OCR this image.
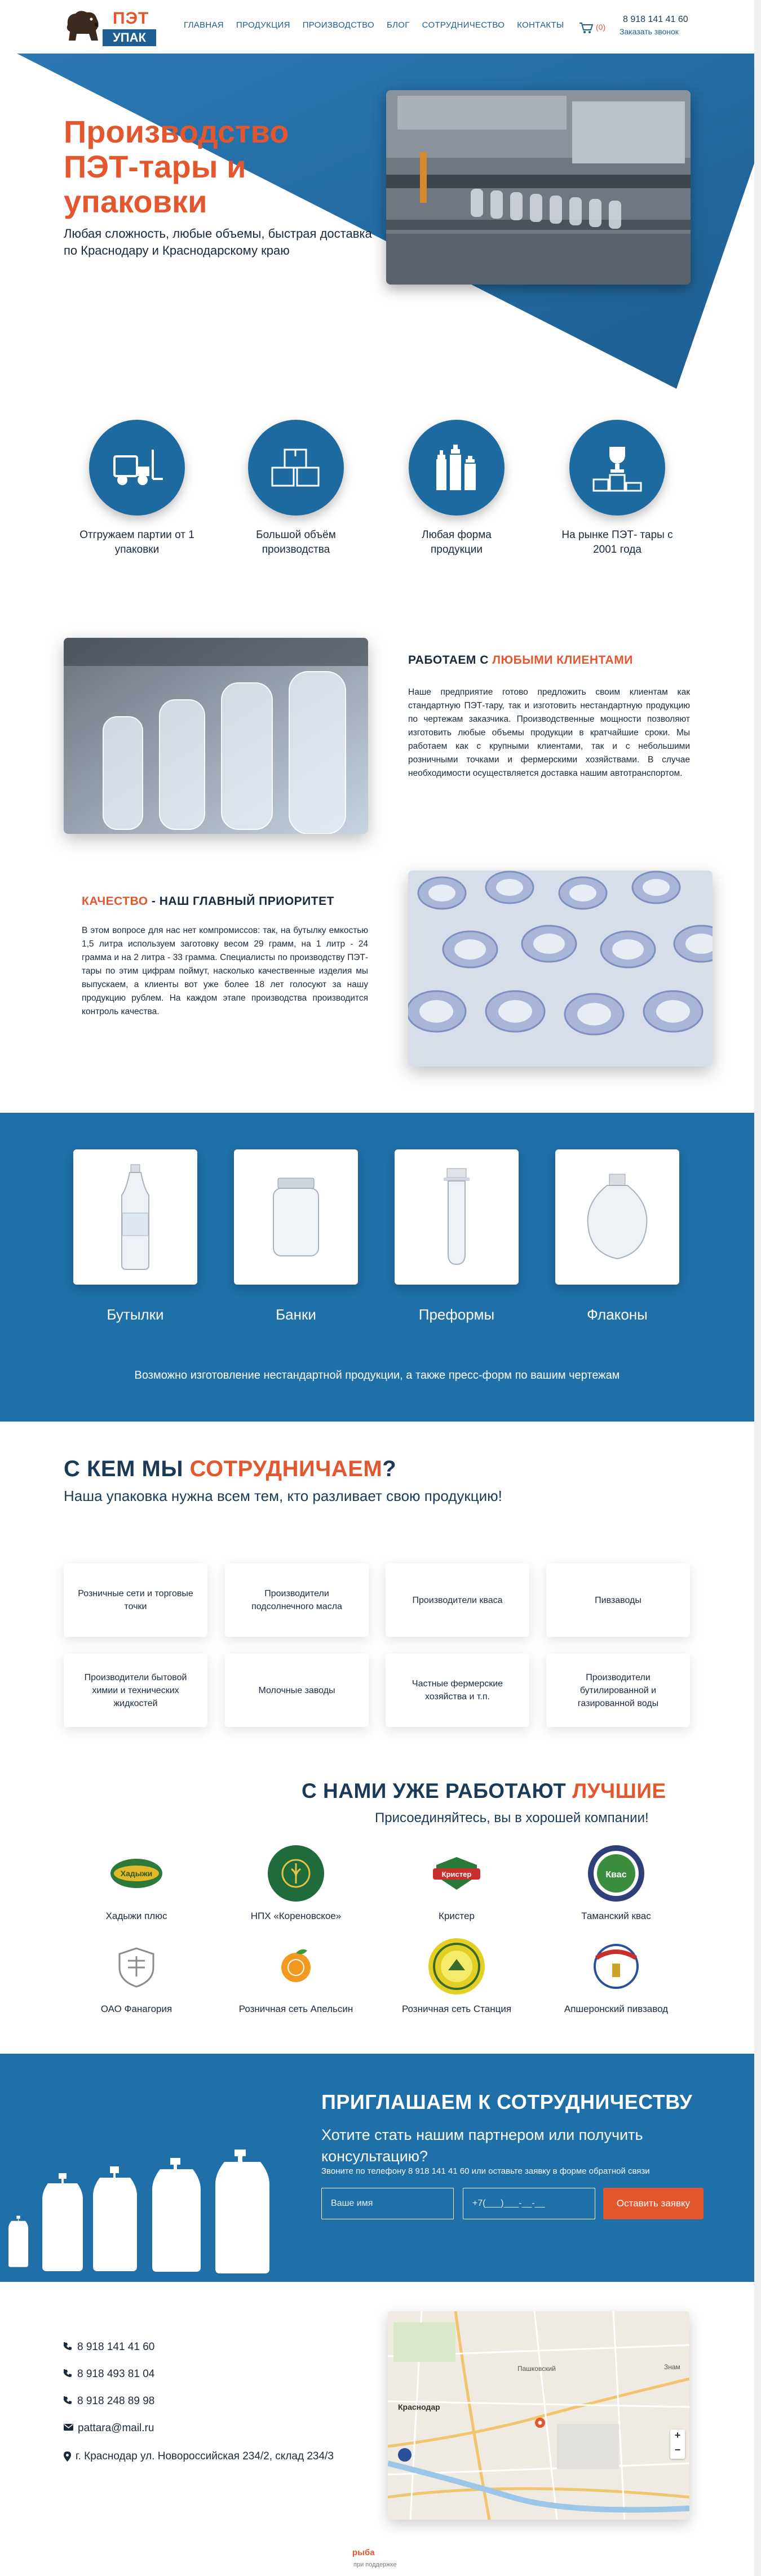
ПЭТ
УПАК
ГЛАВНАЯ ПРОДУКЦИЯ ПРОИЗВОДСТВО БЛОГ СОТРУДНИЧЕСТВО КОНТАКТЫ	(0)
8 918 141 41 60
Заказать звонок
Производство ПЭТ-тары и упаковки
Любая сложность, любые объемы, быстрая доставка по Краснодару и Краснодарскому краю
Отгружаем партии от 1 упаковки
Большой объём производства
Любая форма продукции
На рынке ПЭТ- тары с 2001 года
РАБОТАЕМ С ЛЮБЫМИ КЛИЕНТАМИ
Наше предприятие готово предложить своим клиентам как стандартную ПЭТ-тару, так и изготовить нестандартную продукцию по чертежам заказчика. Производственные мощности позволяют изготовить любые объемы продукции в кратчайшие сроки. Мы работаем как с крупными клиентами, так и с небольшими розничными точками и фермерскими хозяйствами. В случае необходимости осуществляется доставка нашим автотранспортом.
КАЧЕСТВО - НАШ ГЛАВНЫЙ ПРИОРИТЕТ
В этом вопросе для нас нет компромиссов: так, на бутылку емкостью 1,5 литра используем заготовку весом 29 грамм, на 1 литр - 24 грамма и на 2 литра - 33 грамма. Специалисты по производству ПЭТ-тары по этим цифрам поймут, насколько качественные изделия мы выпускаем, а клиенты вот уже более 18 лет голосуют за нашу продукцию рублем. На каждом этапе производства производится контроль качества.
Бутылки	Банки	Преформы	Флаконы
Возможно изготовление нестандартной продукции, а также пресс-форм по вашим чертежам
С КЕМ МЫ СОТРУДНИЧАЕМ?
Наша упаковка нужна всем тем, кто разливает свою продукцию!
Розничные сети и торговые точки
Производители подсолнечного масла
Производители кваса	Пивзаводы
Производители бытовой химии и технических жидкостей
Молочные заводы
Частные фермерские хозяйства и т.п.
Производители бутилированной и газированной воды
С НАМИ УЖЕ РАБОТАЮТ ЛУЧШИЕ
Присоединяйтесь, вы в хорошей компании!
Хадыжи
Хадыжи плюс	НПХ «Кореновское»
Кристер
Кристер
Квас
Таманский квас
ОАО Фанагория	Розничная сеть Апельсин	Розничная сеть Станция	Апшеронский пивзавод
ПРИГЛАШАЕМ К СОТРУДНИЧЕСТВУ
Хотите стать нашим партнером или получить консультацию?
Звоните по телефону 8 918 141 41 60 или оставьте заявку в форме обратной связи
Ваше имя
+7(___)___-__-__
Оставить заявку
8 918 141 41 60
8 918 493 81 04
8 918 248 89 98
pattara@mail.ru
г. Краснодар ул. Новороссийская 234/2, склад 234/3
Краснодар
Пашковский	Знам
+
−
рыба
при поддержке
